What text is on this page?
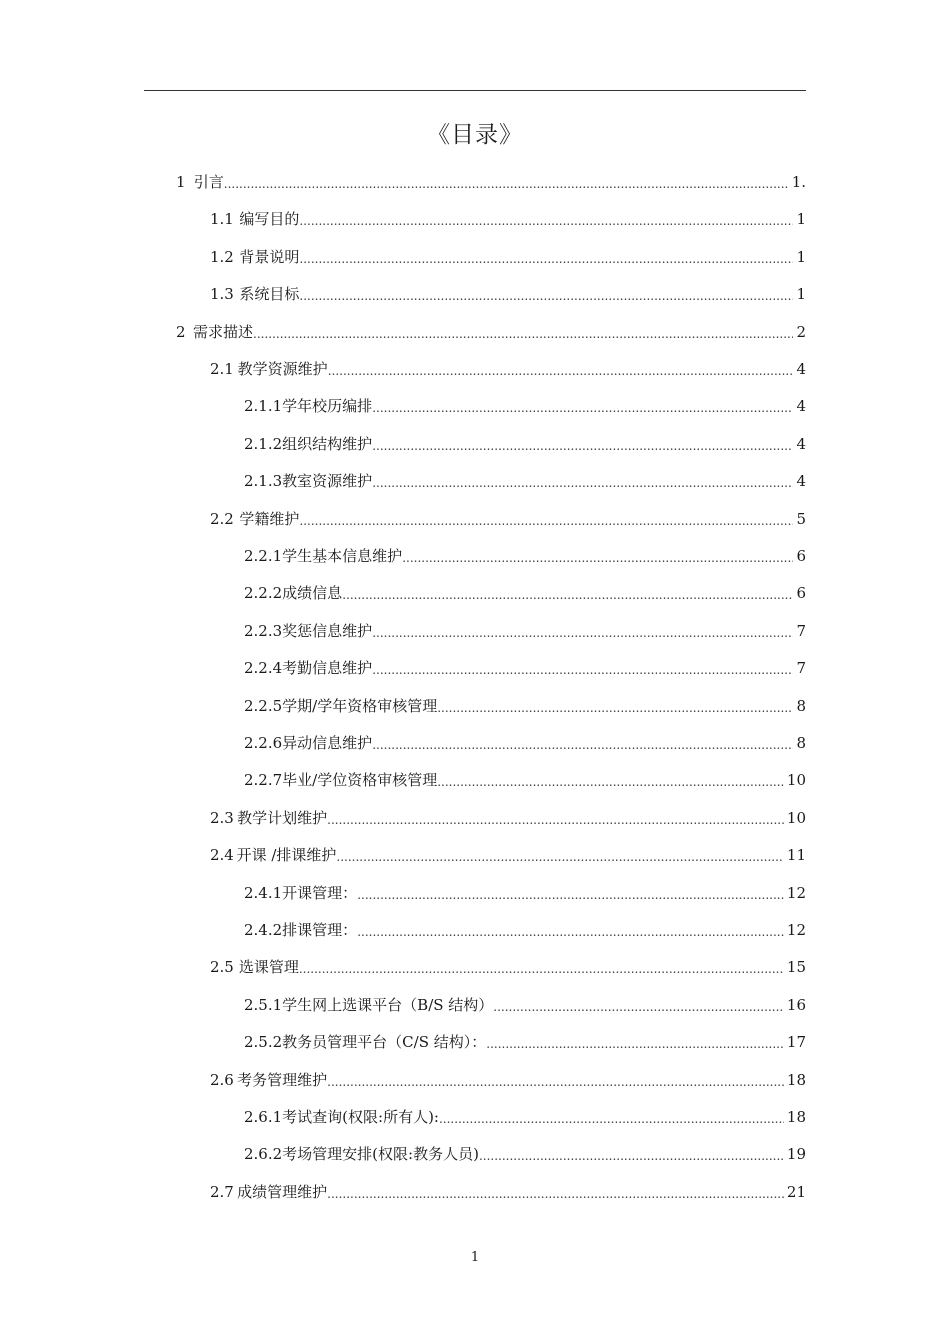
《目录》
1 引言 .....	1.
1.1 编写目的 .....	1
1.2 背景说明 .....	1
1.3 系统目标 .....	1
2 需求描述 .....	2
2.1 教学资源维护 .....	4
2.1.1 学年校历编排 .....	4
2.1.2 组织结构维护 .....	4
2.1.3 教室资源维护 .....	4
2.2 学籍维护 .....	5
2.2.1 学生基本信息维护 .....	6
2.2.2 成绩信息 .....	6
2.2.3 奖惩信息维护 .....	7
2.2.4 考勤信息维护 .....	7
2.2.5 学期/学年资格审核管理 .....	8
2.2.6 异动信息维护 .....	8
2.2.7 毕业/学位资格审核管理 .....	10
2.3 教学计划维护 .....	10
2.4 开课 /排课维护 .....	11
2.4.1 开课管理： .....	12
2.4.2 排课管理： .....	12
2.5 选课管理 .....	15
2.5.1 学生网上选课平台（B/S 结构） .....	16
2.5.2 教务员管理平台（C/S 结构）： .....	17
2.6 考务管理维护 .....	18
2.6.1 考试查询(权限:所有人): .....	18
2.6.2 考场管理安排(权限:教务人员) .....	19
2.7 成绩管理维护 .....	21
1
